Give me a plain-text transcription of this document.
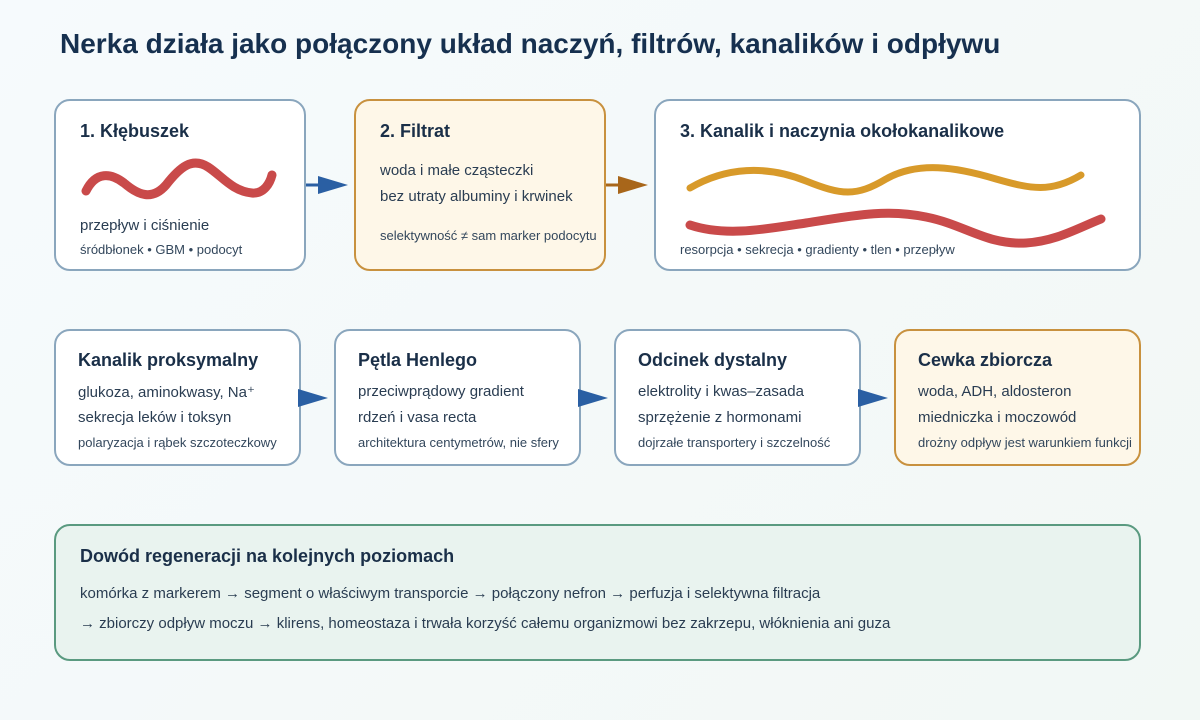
Nerka działa jako połączony układ naczyń, filtrów, kanalików i odpływu
1. Kłębuszek
przepływ i ciśnienie
śródbłonek • GBM • podocyt
2. Filtrat
woda i małe cząsteczki
bez utraty albuminy i krwinek
selektywność ≠ sam marker podocytu
3. Kanalik i naczynia okołokanalikowe
resorpcja • sekrecja • gradienty • tlen • przepływ
Kanalik proksymalny
glukoza, aminokwasy, Na⁺
sekrecja leków i toksyn
polaryzacja i rąbek szczoteczkowy
Pętla Henlego
przeciwprądowy gradient
rdzeń i vasa recta
architektura centymetrów, nie sfery
Odcinek dystalny
elektrolity i kwas–zasada
sprzężenie z hormonami
dojrzałe transportery i szczelność
Cewka zbiorcza
woda, ADH, aldosteron
miedniczka i moczowód
drożny odpływ jest warunkiem funkcji
Dowód regeneracji na kolejnych poziomach
komórka z markerem → segment o właściwym transporcie → połączony nefron → perfuzja i selektywna filtracja
→ zbiorczy odpływ moczu → klirens, homeostaza i trwała korzyść całemu organizmowi bez zakrzepu, włóknienia ani guza
